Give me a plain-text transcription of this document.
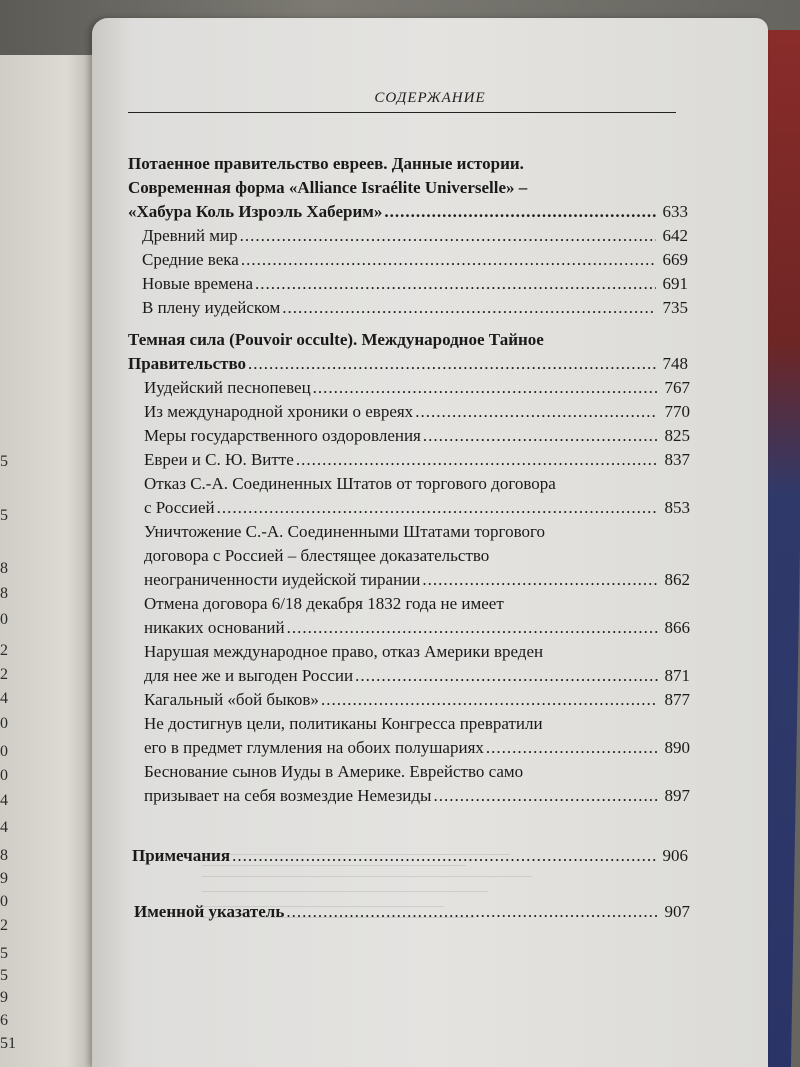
5
5
8
8
0
2
2
4
0
0
0
4
4
8
9
0
2
5
5
9
6
51
СОДЕРЖАНИЕ
Потаенное правительство евреев. Данные истории.
Современная форма «Alliance Israélite Universelle» –
«Хабура Коль Изроэль Хаберим» .....	633
Древний мир .....	642
Средние века .....	669
Новые времена .....	691
В плену иудейском .....	735
Темная сила (Pouvoir occulte). Международное Тайное
Правительство .....	748
Иудейский песнопевец .....	767
Из международной хроники о евреях .....	770
Меры государственного оздоровления .....	825
Евреи и С. Ю. Витте .....	837
Отказ С.-А. Соединенных Штатов от торгового договора
с Россией .....	853
Уничтожение С.-А. Соединенными Штатами торгового
договора с Россией – блестящее доказательство
неограниченности иудейской тирании .....	862
Отмена договора 6/18 декабря 1832 года не имеет
никаких оснований .....	866
Нарушая международное право, отказ Америки вреден
для нее же и выгоден России .....	871
Кагальный «бой быков» .....	877
Не достигнув цели, политиканы Конгресса превратили
его в предмет глумления на обоих полушариях .....	890
Беснование сынов Иуды в Америке. Еврейство само
призывает на себя возмездие Немезиды .....	897
Примечания .....	906
Именной указатель .....	907
